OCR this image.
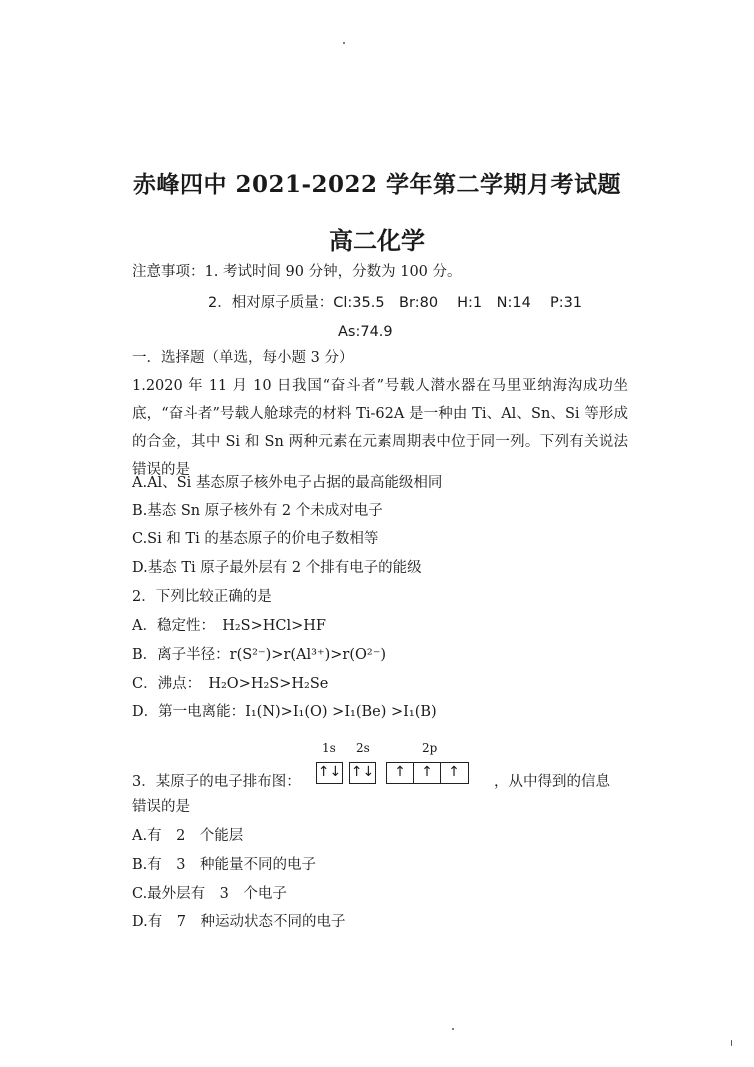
赤峰四中 2021-2022 学年第二学期月考试题
高二化学
注意事项：1. 考试时间 90 分钟，分数为 100 分。
2．相对原子质量：Cl:35.5　Br:80　 H:1　N:14　 P:31
As:74.9
一．选择题（单选，每小题 3 分）
1.2020 年 11 月 10 日我国“奋斗者”号载人潜水器在马里亚纳海沟成功坐底，“奋斗者”号载人舱球壳的材料 Ti-62A 是一种由 Ti、Al、Sn、Si 等形成的合金，其中 Si 和 Sn 两种元素在元素周期表中位于同一列。下列有关说法错误的是
A.Al、Si 基态原子核外电子占据的最高能级相同
B.基态 Sn 原子核外有 2 个未成对电子
C.Si 和 Ti 的基态原子的价电子数相等
D.基态 Ti 原子最外层有 2 个排有电子的能级
2．下列比较正确的是
A．稳定性：　H₂S>HCl>HF
B．离子半径：r(S²⁻)>r(Al³⁺)>r(O²⁻)
C．沸点：　H₂O>H₂S>H₂Se
D．第一电离能：I₁(N)>I₁(O) >I₁(Be) >I₁(B)
3．某原子的电子排布图：
1s 2s	2p
↑↓ ↑↓	↑	↑	↑
，从中得到的信息
错误的是
A.有　2　个能层
B.有　3　种能量不同的电子
C.最外层有　3　个电子
D.有　7　种运动状态不同的电子
